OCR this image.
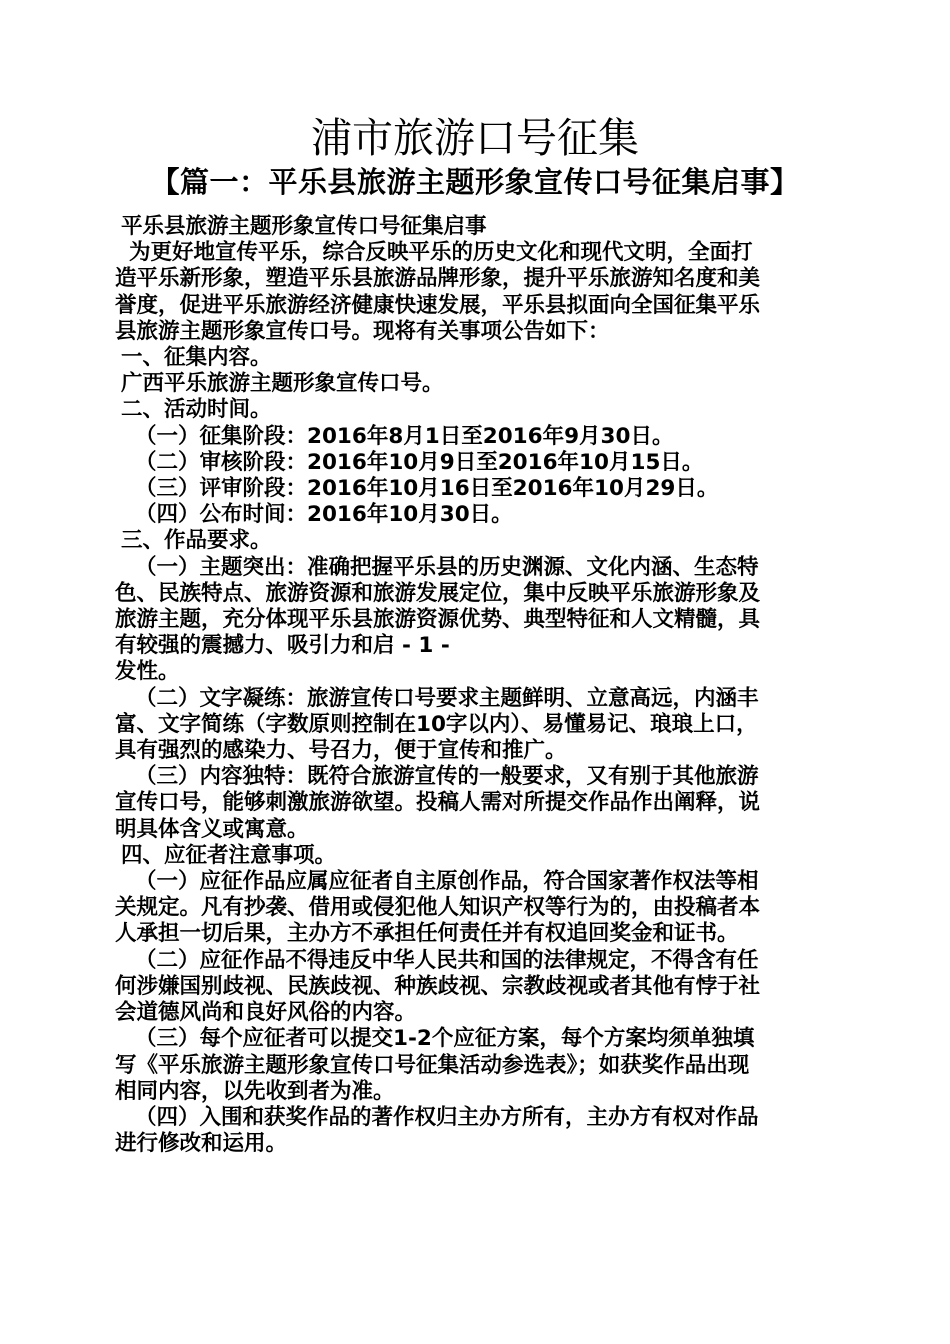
浦市旅游口号征集
【篇一：平乐县旅游主题形象宣传口号征集启事】

平乐县旅游主题形象宣传口号征集启事

为更好地宣传平乐，综合反映平乐的历史文化和现代文明，全面打

造平乐新形象，塑造平乐县旅游品牌形象，提升平乐旅游知名度和美

誉度，促进平乐旅游经济健康快速发展，平乐县拟面向全国征集平乐

县旅游主题形象宣传口号。现将有关事项公告如下：

一、征集内容。

广西平乐旅游主题形象宣传口号。

二、活动时间。

（一）征集阶段：2016年8月1日至2016年9月30日。

（二）审核阶段：2016年10月9日至2016年10月15日。

（三）评审阶段：2016年10月16日至2016年10月29日。

（四）公布时间：2016年10月30日。

三、作品要求。

（一）主题突出：准确把握平乐县的历史渊源、文化内涵、生态特

色、民族特点、旅游资源和旅游发展定位，集中反映平乐旅游形象及

旅游主题，充分体现平乐县旅游资源优势、典型特征和人文精髓，具

有较强的震撼力、吸引力和启 - 1 -

发性。

（二）文字凝练：旅游宣传口号要求主题鲜明、立意高远，内涵丰

富、文字简练（字数原则控制在10字以内）、易懂易记、琅琅上口，

具有强烈的感染力、号召力，便于宣传和推广。

（三）内容独特：既符合旅游宣传的一般要求，又有别于其他旅游

宣传口号，能够刺激旅游欲望。投稿人需对所提交作品作出阐释，说

明具体含义或寓意。

四、应征者注意事项。

（一）应征作品应属应征者自主原创作品，符合国家著作权法等相

关规定。凡有抄袭、借用或侵犯他人知识产权等行为的，由投稿者本

人承担一切后果，主办方不承担任何责任并有权追回奖金和证书。

（二）应征作品不得违反中华人民共和国的法律规定，不得含有任

何涉嫌国别歧视、民族歧视、种族歧视、宗教歧视或者其他有悖于社

会道德风尚和良好风俗的内容。

（三）每个应征者可以提交1-2个应征方案，每个方案均须单独填

写《平乐旅游主题形象宣传口号征集活动参选表》；如获奖作品出现

相同内容，以先收到者为准。

（四）入围和获奖作品的著作权归主办方所有，主办方有权对作品

进行修改和运用。
